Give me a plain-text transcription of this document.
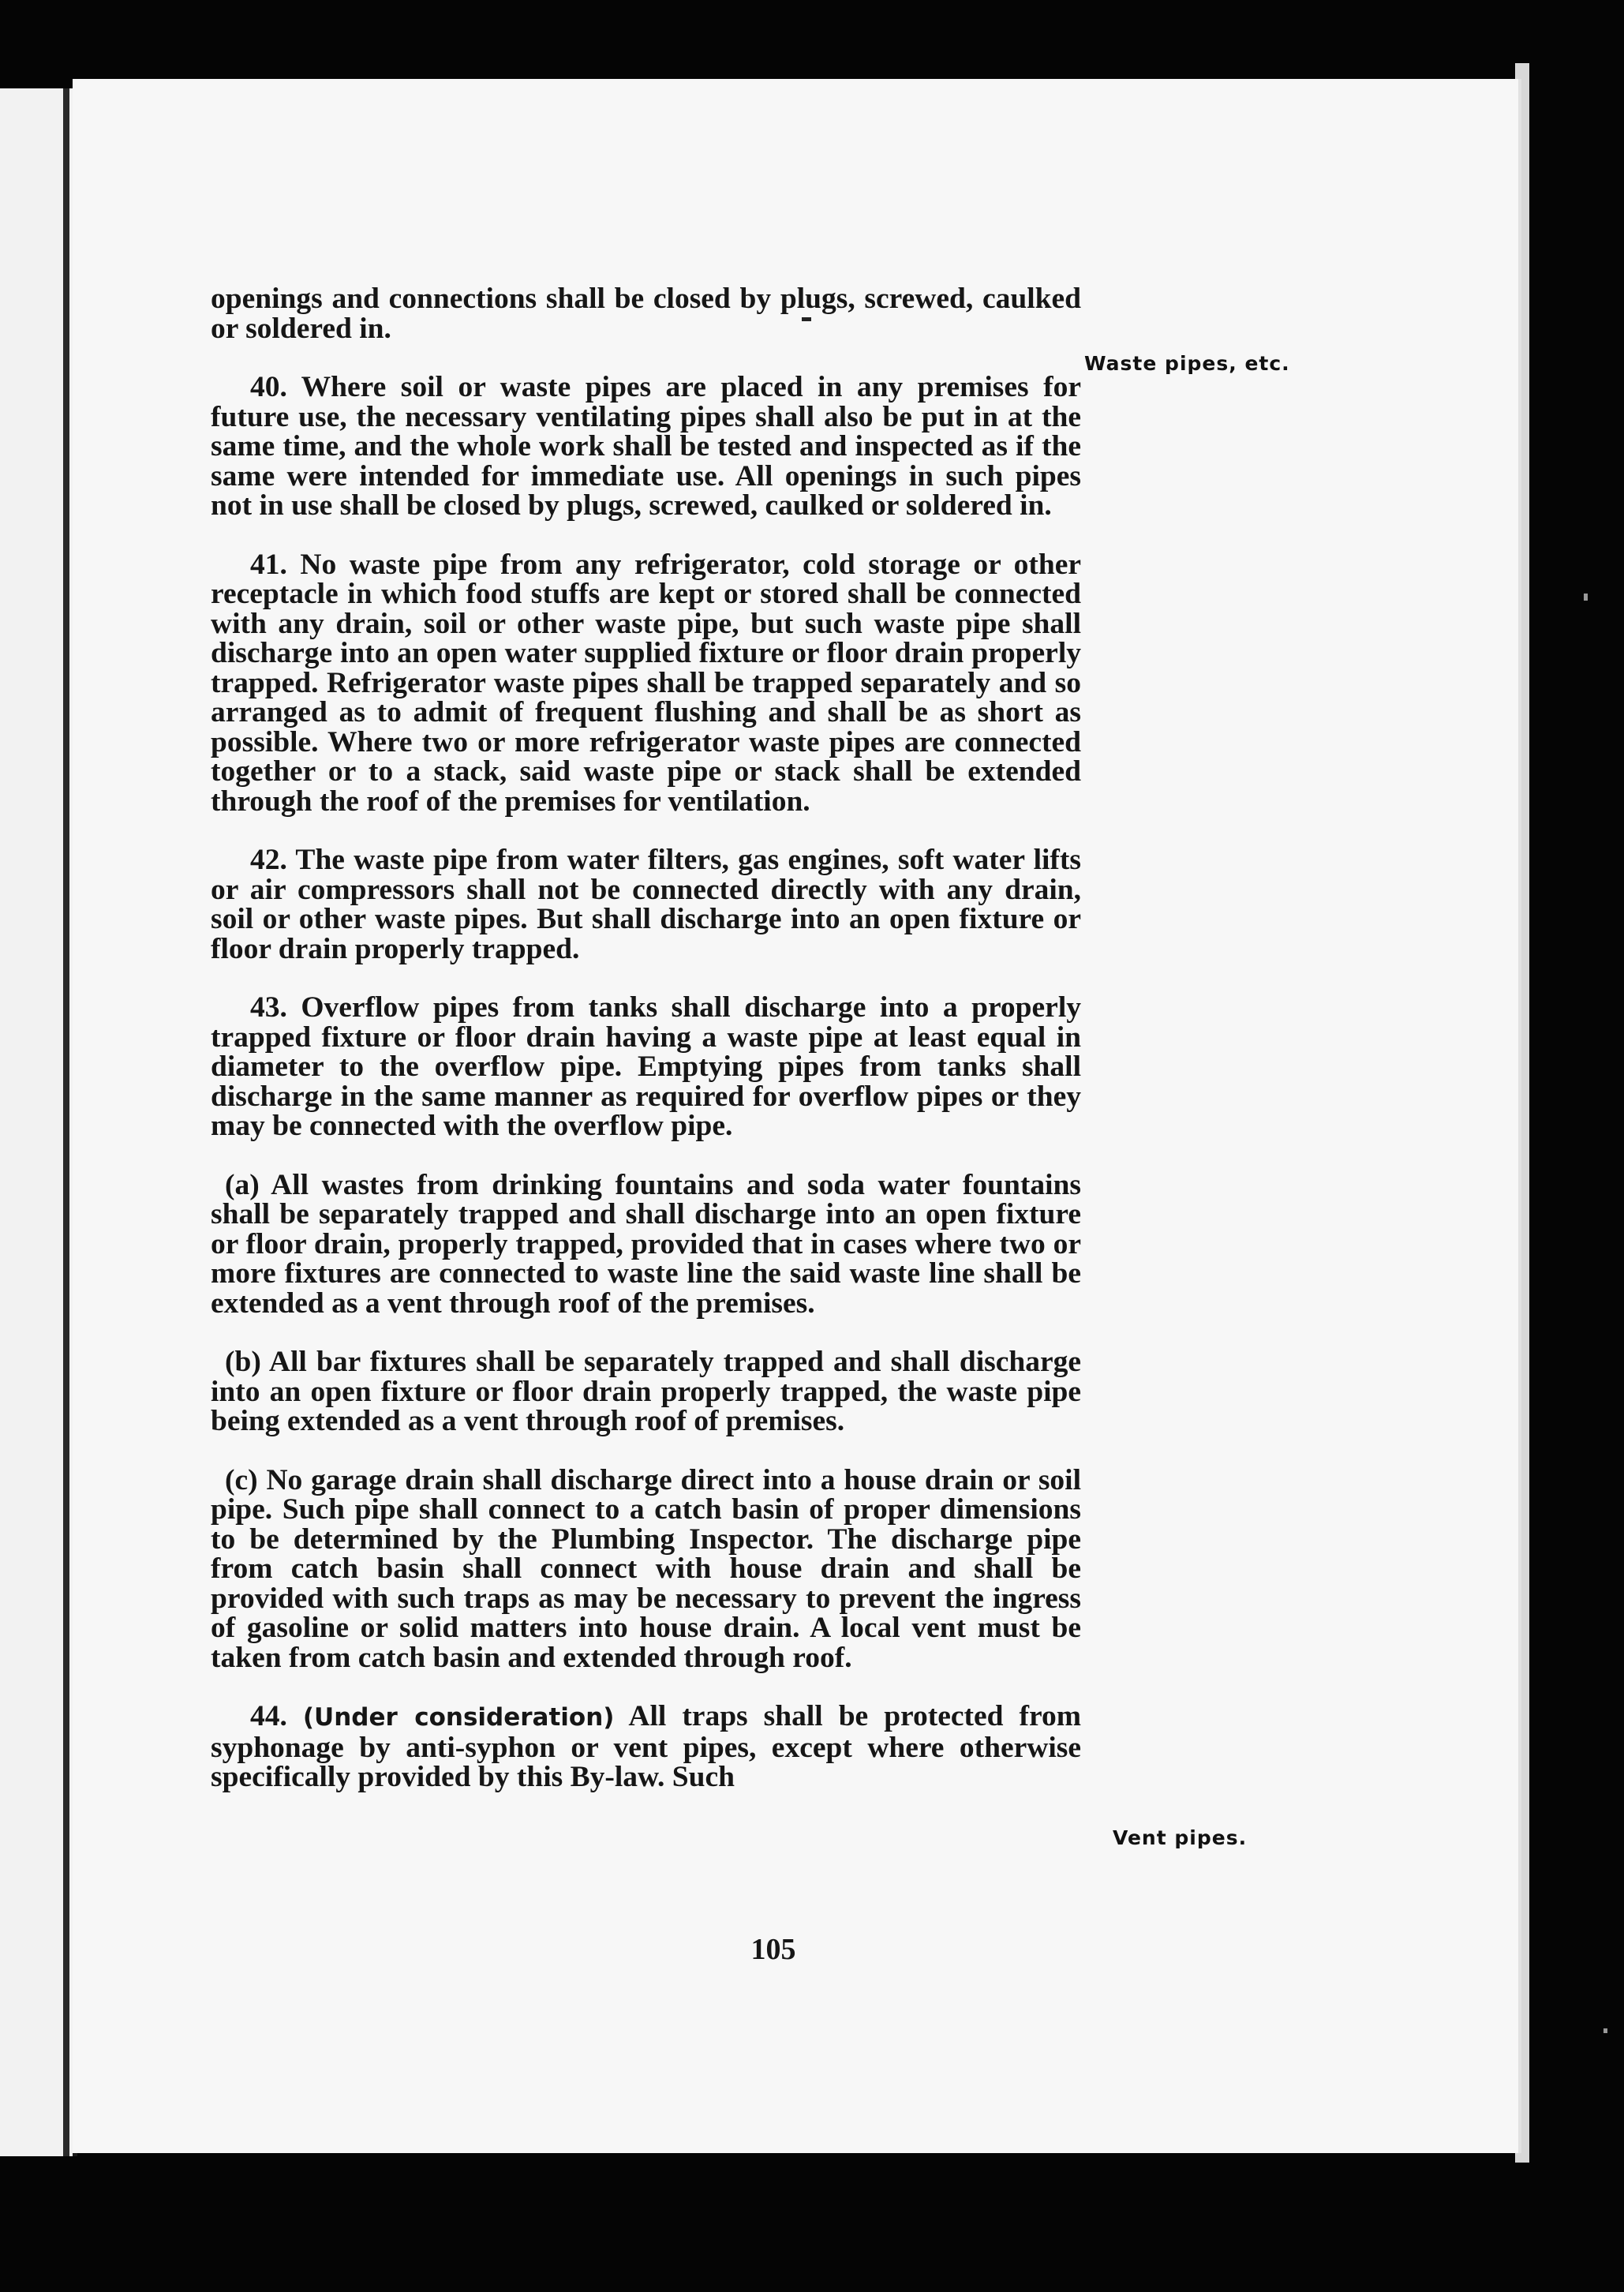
openings and connections shall be closed by plugs, screwed, caulked or soldered in.

40. Where soil or waste pipes are placed in any premises for future use, the necessary ventilating pipes shall also be put in at the same time, and the whole work shall be tested and inspected as if the same were intended for immediate use. All openings in such pipes not in use shall be closed by plugs, screwed, caulked or soldered in.

41. No waste pipe from any refrigerator, cold storage or other receptacle in which food stuffs are kept or stored shall be connected with any drain, soil or other waste pipe, but such waste pipe shall discharge into an open water supplied fixture or floor drain properly trapped. Refrigerator waste pipes shall be trapped separately and so arranged as to admit of frequent flushing and shall be as short as possible. Where two or more refrigerator waste pipes are connected together or to a stack, said waste pipe or stack shall be extended through the roof of the premises for ventilation.

42. The waste pipe from water filters, gas engines, soft water lifts or air compressors shall not be connected directly with any drain, soil or other waste pipes. But shall discharge into an open fixture or floor drain properly trapped.

43. Overflow pipes from tanks shall discharge into a properly trapped fixture or floor drain having a waste pipe at least equal in diameter to the overflow pipe. Emptying pipes from tanks shall discharge in the same manner as required for overflow pipes or they may be connected with the overflow pipe.

(a) All wastes from drinking fountains and soda water fountains shall be separately trapped and shall discharge into an open fixture or floor drain, properly trapped, provided that in cases where two or more fixtures are connected to waste line the said waste line shall be extended as a vent through roof of the premises.

(b) All bar fixtures shall be separately trapped and shall discharge into an open fixture or floor drain properly trapped, the waste pipe being extended as a vent through roof of premises.

(c) No garage drain shall discharge direct into a house drain or soil pipe. Such pipe shall connect to a catch basin of proper dimensions to be determined by the Plumbing Inspector. The discharge pipe from catch basin shall connect with house drain and shall be provided with such traps as may be necessary to prevent the ingress of gasoline or solid matters into house drain. A local vent must be taken from catch basin and extended through roof.

44. (Under consideration) All traps shall be protected from syphonage by anti-syphon or vent pipes, except where otherwise specifically provided by this By-law. Such

Waste pipes, etc.
Vent pipes.
105
